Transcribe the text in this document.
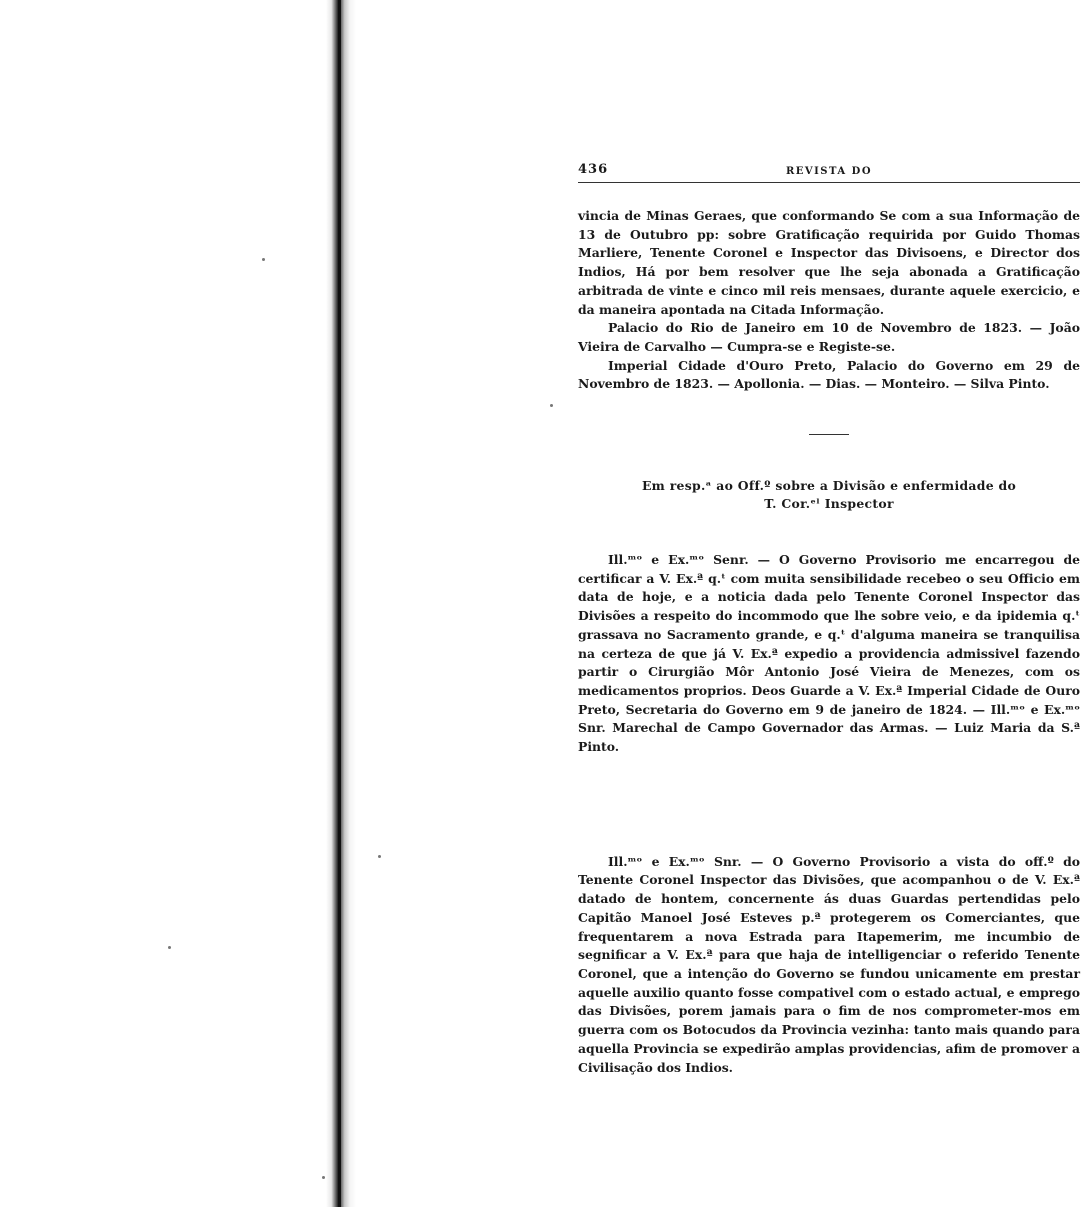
436	REVISTA DO

vincia de Minas Geraes, que conformando Se com a sua Informação de 13 de Outubro pp: sobre Gratificação requirida por Guido Thomas Marliere, Tenente Coronel e Inspector das Divisoens, e Director dos Indios, Há por bem resolver que lhe seja abonada a Gratificação arbitrada de vinte e cinco mil reis mensaes, durante aquele exercicio, e da maneira apontada na Citada Informação.

Palacio do Rio de Janeiro em 10 de Novembro de 1823. — João Vieira de Carvalho — Cumpra-se e Registe-se.

Imperial Cidade d'Ouro Preto, Palacio do Governo em 29 de Novembro de 1823. — Apollonia. — Dias. — Monteiro. — Silva Pinto.

Em resp.ᵃ ao Off.º sobre a Divisão e enfermidade do
T. Cor.ᵉˡ Inspector

Ill.ᵐᵒ e Ex.ᵐᵒ Senr. — O Governo Provisorio me encarregou de certificar a V. Ex.ª q.ᵗ com muita sensibilidade recebeo o seu Officio em data de hoje, e a noticia dada pelo Tenente Coronel Inspector das Divisões a respeito do incommodo que lhe sobre veio, e da ipidemia q.ᵗ grassava no Sacramento grande, e q.ᵗ d'alguma maneira se tranquilisa na certeza de que já V. Ex.ª expedio a providencia admissivel fazendo partir o Cirurgião Môr Antonio José Vieira de Menezes, com os medicamentos proprios. Deos Guarde a V. Ex.ª Imperial Cidade de Ouro Preto, Secretaria do Governo em 9 de janeiro de 1824. — Ill.ᵐᵒ e Ex.ᵐᵒ Snr. Marechal de Campo Governador das Armas. — Luiz Maria da S.ª Pinto.

Ill.ᵐᵒ e Ex.ᵐᵒ Snr. — O Governo Provisorio a vista do off.º do Tenente Coronel Inspector das Divisões, que acompanhou o de V. Ex.ª datado de hontem, concernente ás duas Guardas pertendidas pelo Capitão Manoel José Esteves p.ª protegerem os Comerciantes, que frequentarem a nova Estrada para Itapemerim, me incumbio de segnificar a V. Ex.ª para que haja de intelligenciar o referido Tenente Coronel, que a intenção do Governo se fundou unicamente em prestar aquelle auxilio quanto fosse compativel com o estado actual, e emprego das Divisões, porem jamais para o fim de nos comprometer-mos em guerra com os Botocudos da Provincia vezinha: tanto mais quando para aquella Provincia se expedirão amplas providencias, afim de promover a Civilisação dos Indios.
